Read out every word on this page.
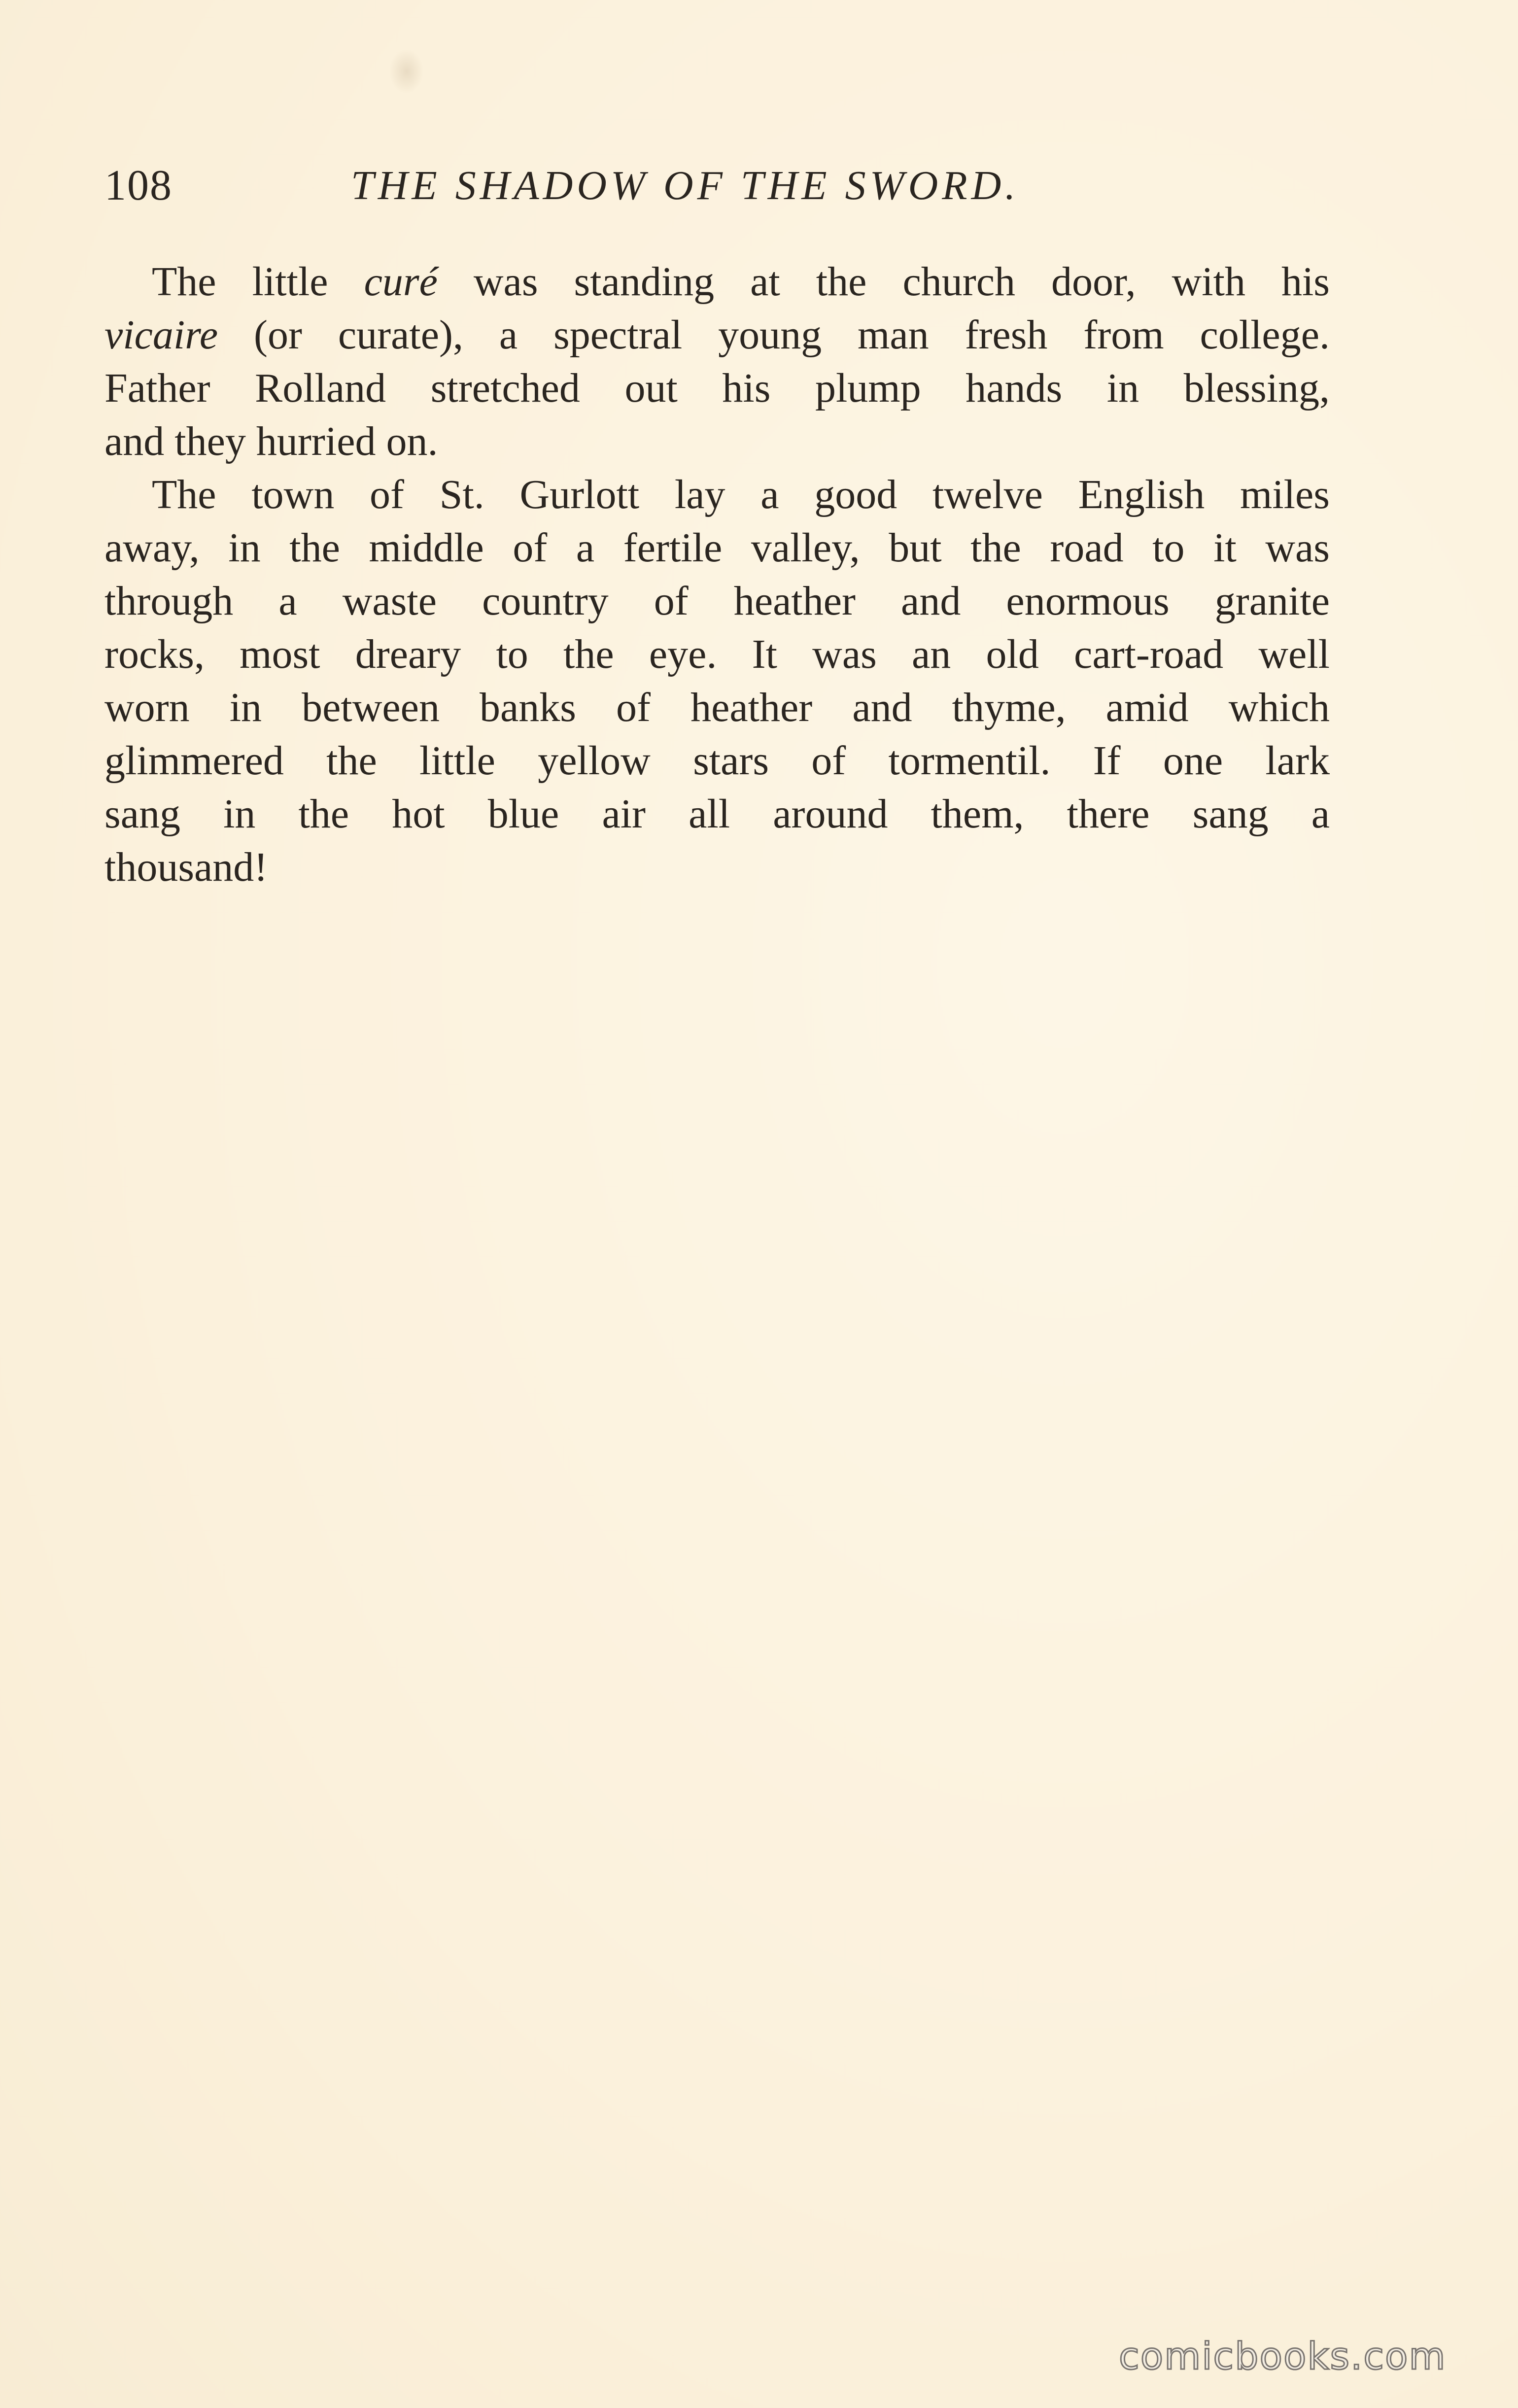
108	THE SHADOW OF THE SWORD.
The little curé was standing at the church door, with his
vicaire (or curate), a spectral young man fresh from college.
Father Rolland stretched out his plump hands in blessing,
and they hurried on.
The town of St. Gurlott lay a good twelve English miles
away, in the middle of a fertile valley, but the road to it was
through a waste country of heather and enormous granite
rocks, most dreary to the eye. It was an old cart-road well
worn in between banks of heather and thyme, amid which
glimmered the little yellow stars of tormentil. If one lark
sang in the hot blue air all around them, there sang a
thousand!
comicbooks.com
